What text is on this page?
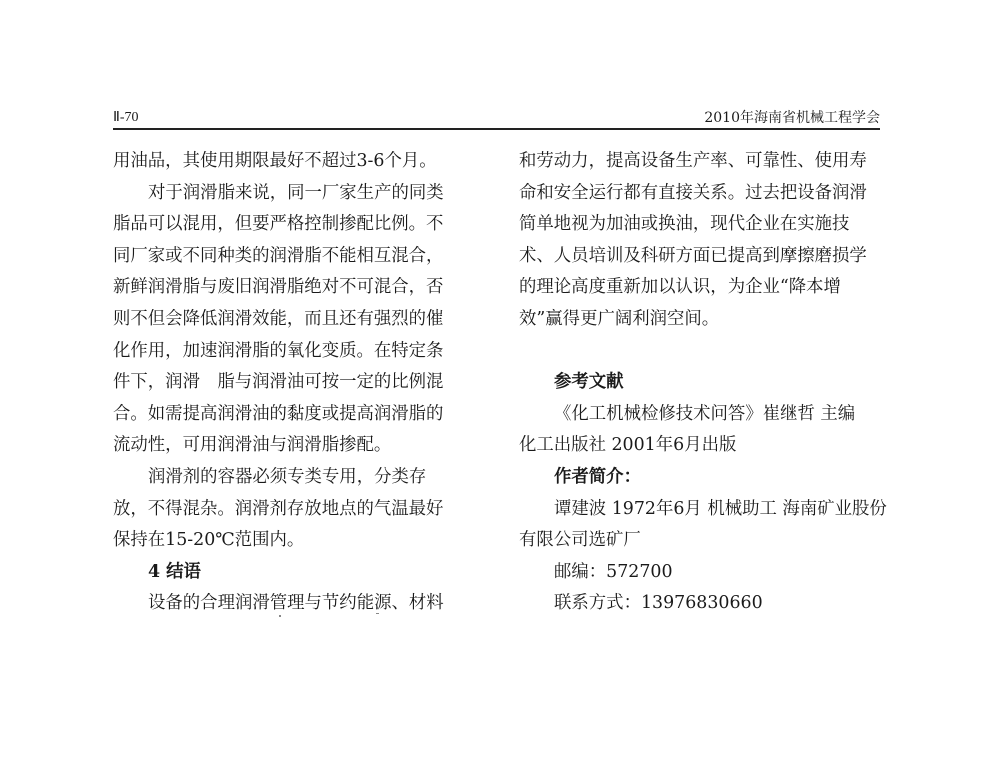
Ⅱ-70	2010年海南省机械工程学会
用油品，其使用期限最好不超过3-6个月。
对于润滑脂来说，同一厂家生产的同类
脂品可以混用，但要严格控制掺配比例。不
同厂家或不同种类的润滑脂不能相互混合，
新鲜润滑脂与废旧润滑脂绝对不可混合，否
则不但会降低润滑效能，而且还有强烈的催
化作用，加速润滑脂的氧化变质。在特定条
件下，润滑　脂与润滑油可按一定的比例混
合。如需提高润滑油的黏度或提高润滑脂的
流动性，可用润滑油与润滑脂掺配。
润滑剂的容器必须专类专用，分类存
放，不得混杂。润滑剂存放地点的气温最好
保持在15-20℃范围内。
4 结语
设备的合理润滑管理与节约能源、材料
和劳动力，提高设备生产率、可靠性、使用寿
命和安全运行都有直接关系。过去把设备润滑
简单地视为加油或换油，现代企业在实施技
术、人员培训及科研方面已提高到摩擦磨损学
的理论高度重新加以认识，为企业“降本增
效”赢得更广阔利润空间。
参考文献
《化工机械检修技术问答》崔继哲 主编
化工出版社 2001年6月出版
作者简介：
谭建波 1972年6月 机械助工 海南矿业股份
有限公司选矿厂
邮编：572700
联系方式：13976830660
